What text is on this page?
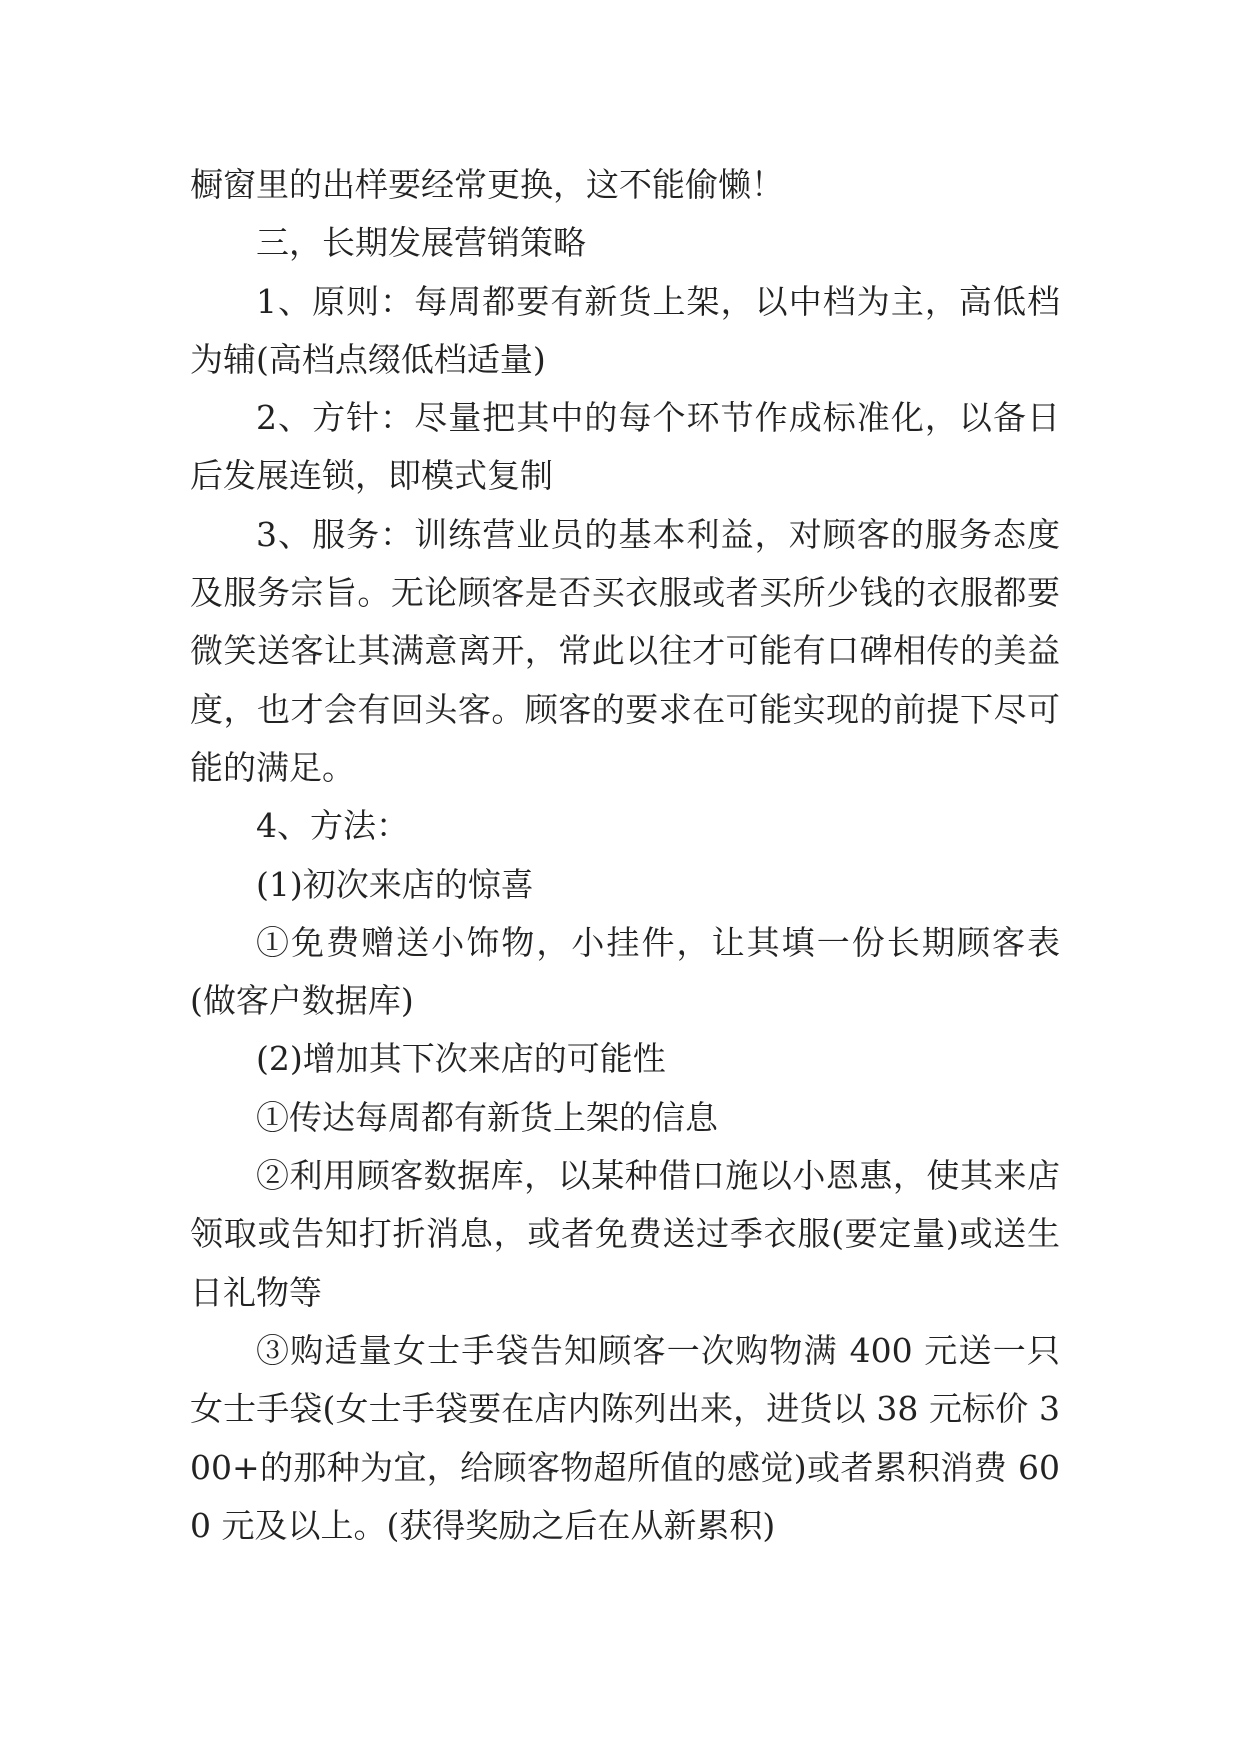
橱窗里的出样要经常更换，这不能偷懒！

三，长期发展营销策略

1、原则：每周都要有新货上架，以中档为主，高低档为辅(高档点缀低档适量)

2、方针：尽量把其中的每个环节作成标准化，以备日后发展连锁，即模式复制

3、服务：训练营业员的基本利益，对顾客的服务态度及服务宗旨。无论顾客是否买衣服或者买所少钱的衣服都要微笑送客让其满意离开，常此以往才可能有口碑相传的美益度，也才会有回头客。顾客的要求在可能实现的前提下尽可能的满足。

4、方法：

(1)初次来店的惊喜

①免费赠送小饰物，小挂件，让其填一份长期顾客表(做客户数据库)

(2)增加其下次来店的可能性

①传达每周都有新货上架的信息

②利用顾客数据库，以某种借口施以小恩惠，使其来店领取或告知打折消息，或者免费送过季衣服(要定量)或送生日礼物等

③购适量女士手袋告知顾客一次购物满 400 元送一只女士手袋(女士手袋要在店内陈列出来，进货以 38 元标价 300+的那种为宜，给顾客物超所值的感觉)或者累积消费 600 元及以上。(获得奖励之后在从新累积)
